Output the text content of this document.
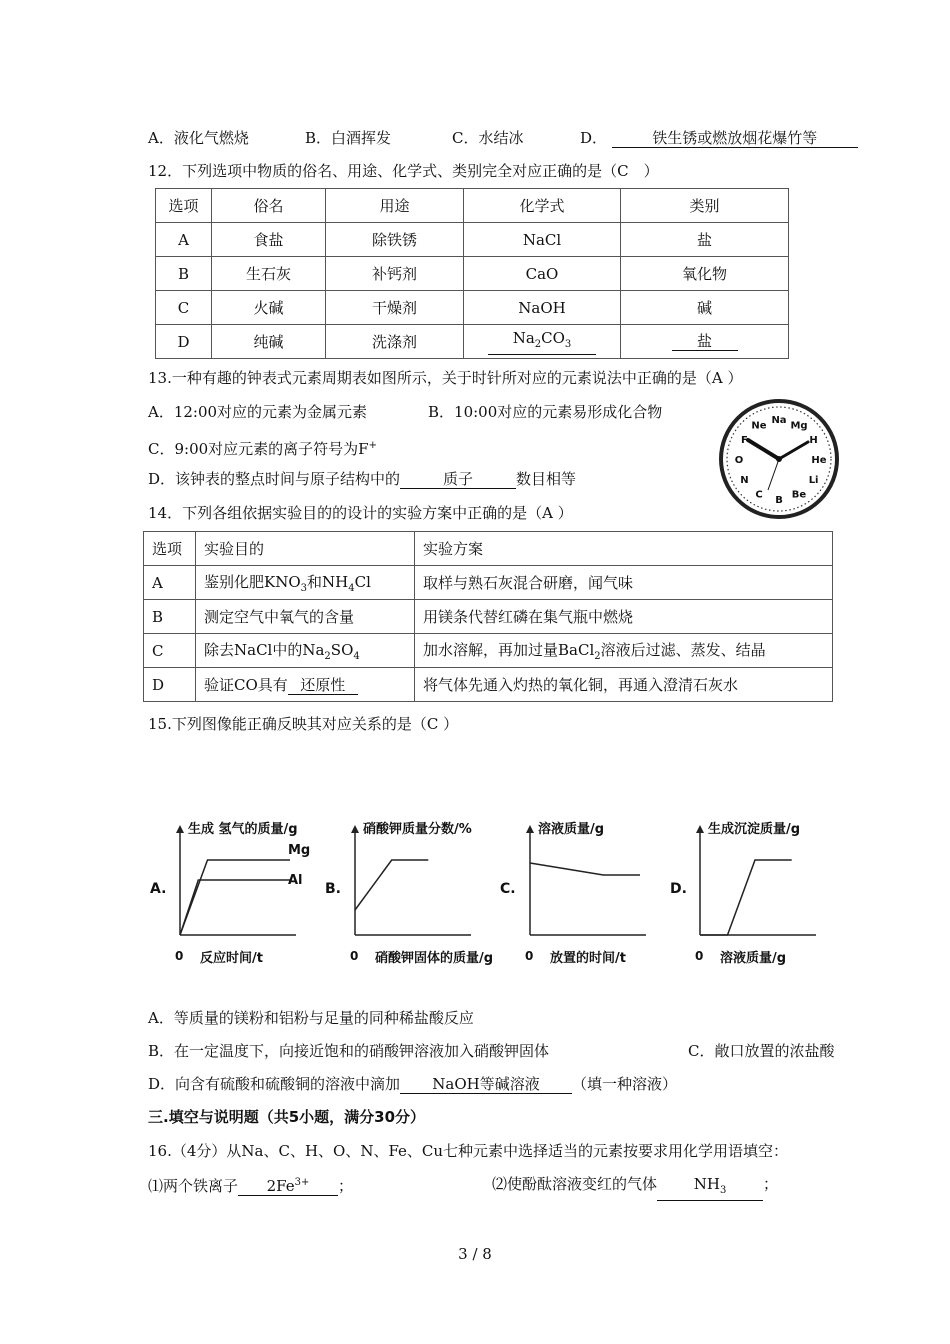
A．液化气燃烧	B．白酒挥发	C．水结冰	D．	铁生锈或燃放烟花爆竹等
12．下列选项中物质的俗名、用途、化学式、类别完全对应正确的是（C　）
选项	俗名	用途	化学式	类别
A	食盐	除铁锈	NaCl	盐
B	生石灰	补钙剂	CaO	氧化物
C	火碱	干燥剂	NaOH	碱
D	纯碱	洗涤剂	$Na_2CO_3$	盐
13.一种有趣的钟表式元素周期表如图所示，关于时针所对应的元素说法中正确的是（A ）
A．12:00对应的元素为金属元素	B．10:00对应的元素易形成化合物
C．9:00对应元素的离子符号为F+
D．该钟表的整点时间与原子结构中的	质子	数目相等
Mg
H
He
Li
Be
B
C
N
O
F
Ne Na
14．下列各组依据实验目的的设计的实验方案中正确的是（A ）
选项	实验目的	实验方案
A	鉴别化肥$KNO_3$和$NH_4Cl$	取样与熟石灰混合研磨，闻气味
B	测定空气中氧气的含量	用镁条代替红磷在集气瓶中燃烧
C	除去NaCl中的$Na_2SO_4$	加水溶解，再加过量BaCl$_2$溶液后过滤、蒸发、结晶
D	验证CO具有 还原性	将气体先通入灼热的氧化铜，再通入澄清石灰水
15.下列图像能正确反映其对应关系的是（C ）
生成 氢气的质量/g
反应时间/t
0
A.
Mg
Al
硝酸钾质量分数/%
硝酸钾固体的质量/g
0
B.
溶液质量/g
放置的时间/t
0
C.
生成沉淀质量/g
溶液质量/g
0
D.
A．等质量的镁粉和铝粉与足量的同种稀盐酸反应
B．在一定温度下，向接近饱和的硝酸钾溶液加入硝酸钾固体	C．敞口放置的浓盐酸
D．向含有硫酸和硫酸铜的溶液中滴加 NaOH等碱溶液 （填一种溶液）
三.填空与说明题（共5小题，满分30分）
16.（4分）从Na、C、H、O、N、Fe、Cu七种元素中选择适当的元素按要求用化学用语填空：
⑴两个铁离子 $2Fe^{3+}$ ；	⑵使酚酞溶液变红的气体 $NH_3$ ；
3 / 8
